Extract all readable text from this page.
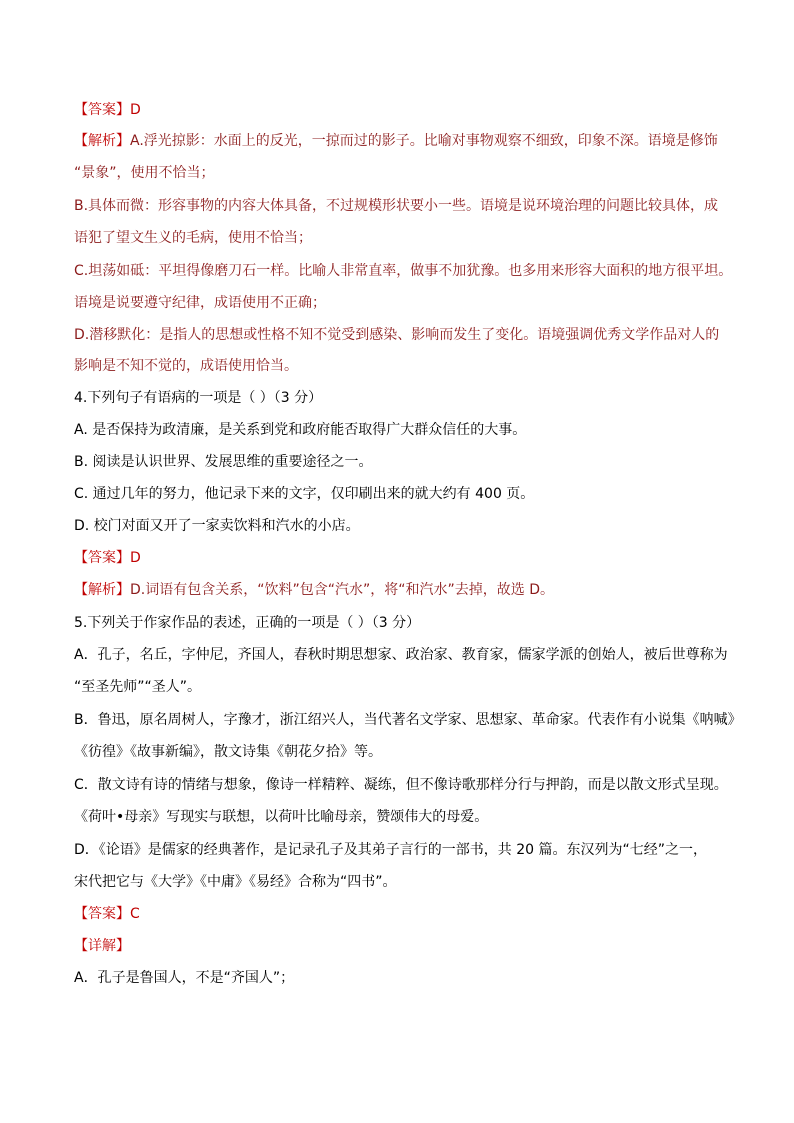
【答案】D
【解析】A.浮光掠影：水面上的反光，一掠而过的影子。比喻对事物观察不细致，印象不深。语境是修饰
“景象”，使用不恰当；
B.具体而微：形容事物的内容大体具备，不过规模形状要小一些。语境是说环境治理的问题比较具体，成
语犯了望文生义的毛病，使用不恰当；
C.坦荡如砥：平坦得像磨刀石一样。比喻人非常直率，做事不加犹豫。也多用来形容大面积的地方很平坦。
语境是说要遵守纪律，成语使用不正确；
D.潜移默化：是指人的思想或性格不知不觉受到感染、影响而发生了变化。语境强调优秀文学作品对人的
影响是不知不觉的，成语使用恰当。
4.下列句子有语病的一项是（ ）（3 分）
A. 是否保持为政清廉，是关系到党和政府能否取得广大群众信任的大事。
B. 阅读是认识世界、发展思维的重要途径之一。
C. 通过几年的努力，他记录下来的文字，仅印刷出来的就大约有 400 页。
D. 校门对面又开了一家卖饮料和汽水的小店。
【答案】D
【解析】D.词语有包含关系，“饮料”包含“汽水”，将“和汽水”去掉，故选 D。
5.下列关于作家作品的表述，正确的一项是（ ）（3 分）
A．孔子，名丘，字仲尼，齐国人，春秋时期思想家、政治家、教育家，儒家学派的创始人，被后世尊称为
“至圣先师”“圣人”。
B．鲁迅，原名周树人，字豫才，浙江绍兴人，当代著名文学家、思想家、革命家。代表作有小说集《呐喊》
《彷徨》《故事新编》，散文诗集《朝花夕拾》等。
C．散文诗有诗的情绪与想象，像诗一样精粹、凝练，但不像诗歌那样分行与押韵，而是以散文形式呈现。
《荷叶•母亲》写现实与联想，以荷叶比喻母亲，赞颂伟大的母爱。
D．《论语》是儒家的经典著作，是记录孔子及其弟子言行的一部书，共 20 篇。东汉列为“七经”之一，
宋代把它与《大学》《中庸》《易经》合称为“四书”。
【答案】C
【详解】
A．孔子是鲁国人，不是“齐国人”；
